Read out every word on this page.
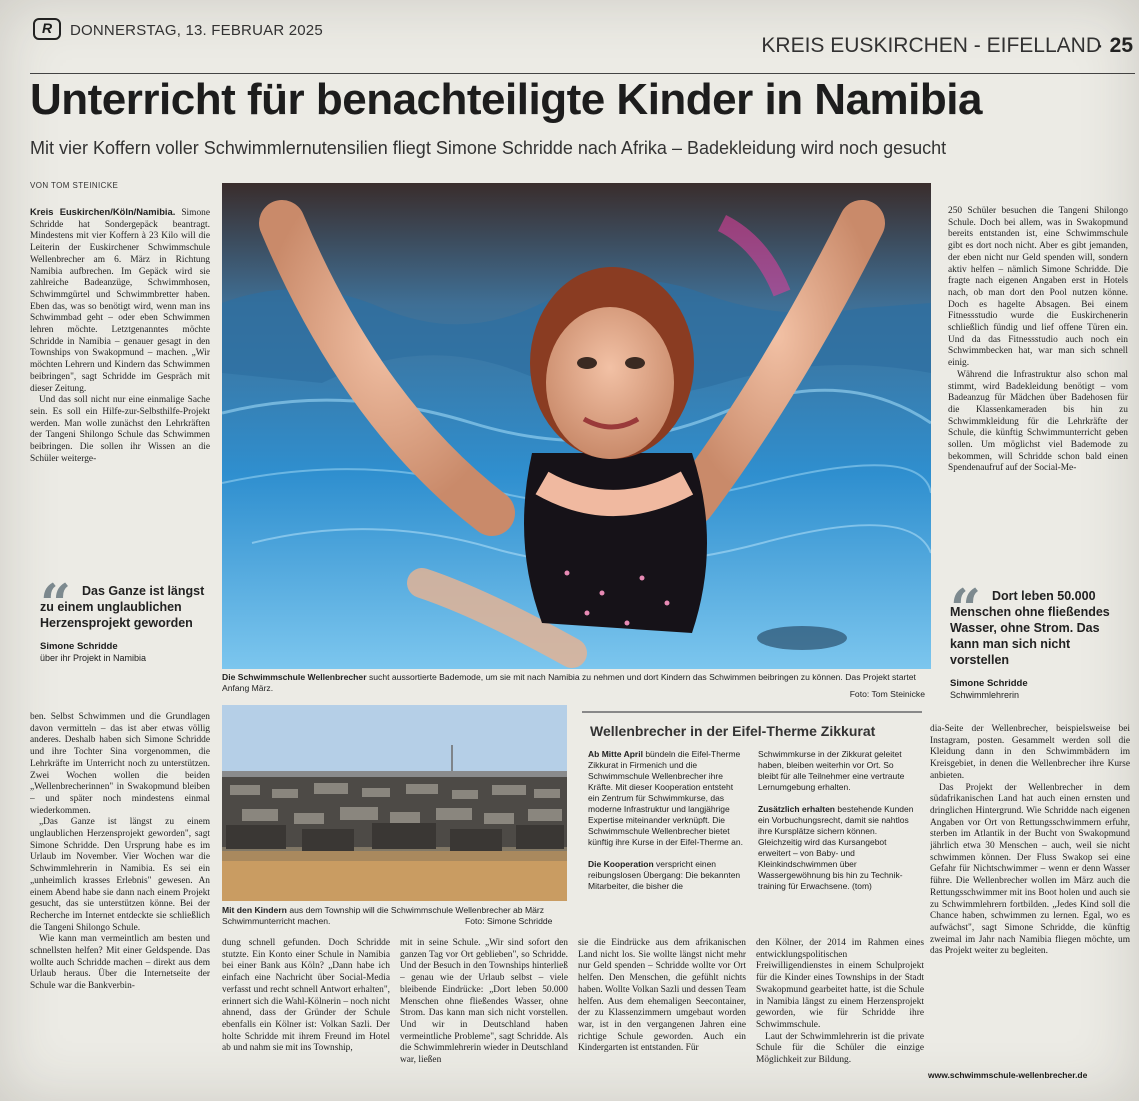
R	DONNERSTAG, 13. FEBRUAR 2025
KREIS EUSKIRCHEN - EIFELLAND
· 25
Unterricht für benachteiligte Kinder in Namibia
Mit vier Koffern voller Schwimmlernutensilien fliegt Simone Schridde nach Afrika – Badekleidung wird noch gesucht
VON TOM STEINICKE

Kreis Euskirchen/Köln/Namibia. Simone Schridde hat Sondergepäck beantragt. Mindestens mit vier Koffern à 23 Kilo will die Leiterin der Euskirchener Schwimmschule Wellenbrecher am 6. März in Richtung Namibia aufbrechen. Im Gepäck wird sie zahlreiche Badeanzüge, Schwimmhosen, Schwimmgürtel und Schwimmbretter haben. Eben das, was so benötigt wird, wenn man ins Schwimmbad geht – oder eben Schwimmen lehren möchte. Letztgenanntes möchte Schridde in Namibia – genauer gesagt in den Townships von Swakopmund – machen. „Wir möchten Lehrern und Kindern das Schwimmen beibringen", sagt Schridde im Gespräch mit dieser Zeitung.

Und das soll nicht nur eine einmalige Sache sein. Es soll ein Hilfe-zur-Selbsthilfe-Projekt werden. Man wolle zunächst den Lehrkräften der Tangeni Shilongo Schule das Schwimmen beibringen. Die sollen ihr Wissen an die Schüler weiterge-

“ Das Ganze ist längst zu einem unglaublichen Herzensprojekt geworden
Simone Schridde
über ihr Projekt in Namibia
Die Schwimmschule Wellenbrecher sucht aussortierte Bademode, um sie mit nach Namibia zu nehmen und dort Kindern das Schwimmen beibringen zu können. Das Projekt startet Anfang März.
Foto: Tom Steinicke

250 Schüler besuchen die Tangeni Shilongo Schule. Doch bei allem, was in Swakopmund bereits entstanden ist, eine Schwimmschule gibt es dort noch nicht. Aber es gibt jemanden, der eben nicht nur Geld spenden will, sondern aktiv helfen – nämlich Simone Schridde. Die fragte nach eigenen Angaben erst in Hotels nach, ob man dort den Pool nutzen könne. Doch es hagelte Absagen. Bei einem Fitnessstudio wurde die Euskirchenerin schließlich fündig und lief offene Türen ein. Und da das Fitnessstudio auch noch ein Schwimmbecken hat, war man sich schnell einig.

Während die Infrastruktur also schon mal stimmt, wird Badekleidung benötigt – vom Badeanzug für Mädchen über Badehosen für die Klassenkameraden bis hin zu Schwimmkleidung für die Lehrkräfte der Schule, die künftig Schwimmunterricht geben sollen. Um möglichst viel Bademode zu bekommen, will Schridde schon bald einen Spendenaufruf auf der Social-Me-

“ Dort leben 50.000 Menschen ohne fließendes Wasser, ohne Strom. Das kann man sich nicht vorstellen
Simone Schridde
Schwimmlehrerin

ben. Selbst Schwimmen und die Grundlagen davon vermitteln – das ist aber etwas völlig anderes. Deshalb haben sich Simone Schridde und ihre Tochter Sina vorgenommen, die Lehrkräfte im Unterricht noch zu unterstützen. Zwei Wochen wollen die beiden „Wellenbrecherinnen" in Swakopmund bleiben – und später noch mindestens einmal wiederkommen.

„Das Ganze ist längst zu einem unglaublichen Herzensprojekt geworden", sagt Simone Schridde. Den Ursprung habe es im Urlaub im November. Vier Wochen war die Schwimmlehrerin in Namibia. Es sei ein „unheimlich krasses Erlebnis" gewesen. An einem Abend habe sie dann nach einem Projekt gesucht, das sie unterstützen könne. Bei der Recherche im Internet entdeckte sie schließlich die Tangeni Shilongo Schule.

Wie kann man vermeintlich am besten und schnellsten helfen? Mit einer Geldspende. Das wollte auch Schridde machen – direkt aus dem Urlaub heraus. Über die Internetseite der Schule war die Bankverbin-

Mit den Kindern aus dem Township will die Schwimmschule Wellenbrecher ab März Schwimmunterricht machen.	Foto: Simone Schridde
Wellenbrecher in der Eifel-Therme Zikkurat

Ab Mitte April bündeln die Eifel-Therme Zikkurat in Firmenich und die Schwimmschule Wellenbrecher ihre Kräfte. Mit dieser Kooperation entsteht ein Zentrum für Schwimmkurse, das moderne Infrastruktur und langjährige Expertise miteinander verknüpft. Die Schwimmschule Wellenbrecher bietet künftig ihre Kurse in der Eifel-Therme an.

Die Kooperation verspricht einen reibungslosen Übergang: Die bekannten Mitarbeiter, die bisher die

Schwimmkurse in der Zikkurat geleitet haben, bleiben weiterhin vor Ort. So bleibt für alle Teilnehmer eine vertraute Lernumgebung erhalten.

Zusätzlich erhalten bestehende Kunden ein Vorbuchungsrecht, damit sie nahtlos ihre Kursplätze sichern können. Gleichzeitig wird das Kursangebot erweitert – von Baby- und Kleinkindschwimmen über Wassergewöhnung bis hin zu Techniktraining für Erwachsene. (tom)

dung schnell gefunden. Doch Schridde stutzte. Ein Konto einer Schule in Namibia bei einer Bank aus Köln? „Dann habe ich einfach eine Nachricht über Social-Media verfasst und recht schnell Antwort erhalten", erinnert sich die Wahl-Kölnerin – noch nicht ahnend, dass der Gründer der Schule ebenfalls ein Kölner ist: Volkan Sazli. Der holte Schridde mit ihrem Freund im Hotel ab und nahm sie mit ins Township,

mit in seine Schule. „Wir sind sofort den ganzen Tag vor Ort geblieben", so Schridde. Und der Besuch in den Townships hinterließ – genau wie der Urlaub selbst – viele bleibende Eindrücke: „Dort leben 50.000 Menschen ohne fließendes Wasser, ohne Strom. Das kann man sich nicht vorstellen. Und wir in Deutschland haben vermeintliche Probleme", sagt Schridde. Als die Schwimmlehrerin wieder in Deutschland war, ließen

sie die Eindrücke aus dem afrikanischen Land nicht los. Sie wollte längst nicht mehr nur Geld spenden – Schridde wollte vor Ort helfen. Den Menschen, die gefühlt nichts haben. Wollte Volkan Sazli und dessen Team helfen. Aus dem ehemaligen Seecontainer, der zu Klassenzimmern umgebaut worden war, ist in den vergangenen Jahren eine richtige Schule geworden. Auch ein Kindergarten ist entstanden. Für

den Kölner, der 2014 im Rahmen eines entwicklungspolitischen Freiwilligendienstes in einem Schulprojekt für die Kinder eines Townships in der Stadt Swakopmund gearbeitet hatte, ist die Schule in Namibia längst zu einem Herzensprojekt geworden, wie für Schridde ihre Schwimmschule.

Laut der Schwimmlehrerin ist die private Schule für die Schüler die einzige Möglichkeit zur Bildung.

dia-Seite der Wellenbrecher, beispielsweise bei Instagram, posten. Gesammelt werden soll die Kleidung dann in den Schwimmbädern im Kreisgebiet, in denen die Wellenbrecher ihre Kurse anbieten.

Das Projekt der Wellenbrecher in dem südafrikanischen Land hat auch einen ernsten und dringlichen Hintergrund. Wie Schridde nach eigenen Angaben vor Ort von Rettungsschwimmern erfuhr, sterben im Atlantik in der Bucht von Swakopmund jährlich etwa 30 Menschen – auch, weil sie nicht schwimmen können. Der Fluss Swakop sei eine Gefahr für Nichtschwimmer – wenn er denn Wasser führe. Die Wellenbrecher wollen im März auch die Rettungsschwimmer mit ins Boot holen und auch sie zu Schwimmlehrern fortbilden. „Jedes Kind soll die Chance haben, schwimmen zu lernen. Egal, wo es aufwächst", sagt Simone Schridde, die künftig zweimal im Jahr nach Namibia fliegen möchte, um das Projekt weiter zu begleiten.

www.schwimmschule-wellenbrecher.de
